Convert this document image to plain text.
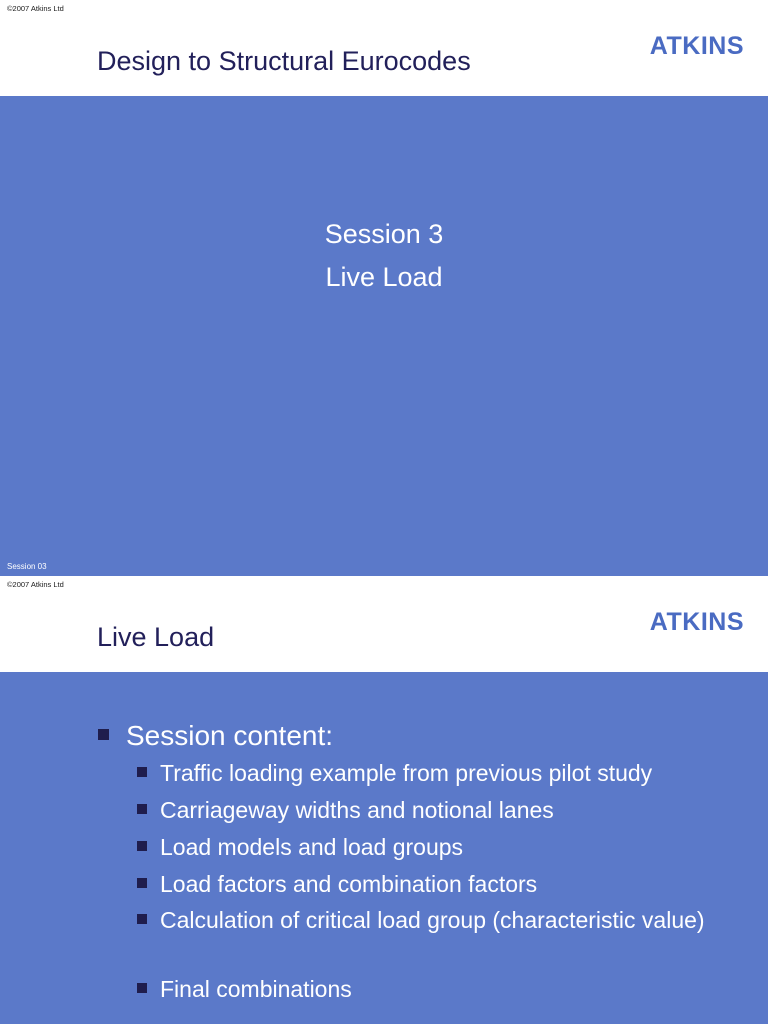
©2007 Atkins Ltd
Design to Structural Eurocodes	ATKINS
Session 3
Live Load
Session 03
©2007 Atkins Ltd
Live Load	ATKINS
Session content:
Traffic loading example from previous pilot study
Carriageway widths and notional lanes
Load models and load groups
Load factors and combination factors
Calculation of critical load group (characteristic value)
Final combinations
